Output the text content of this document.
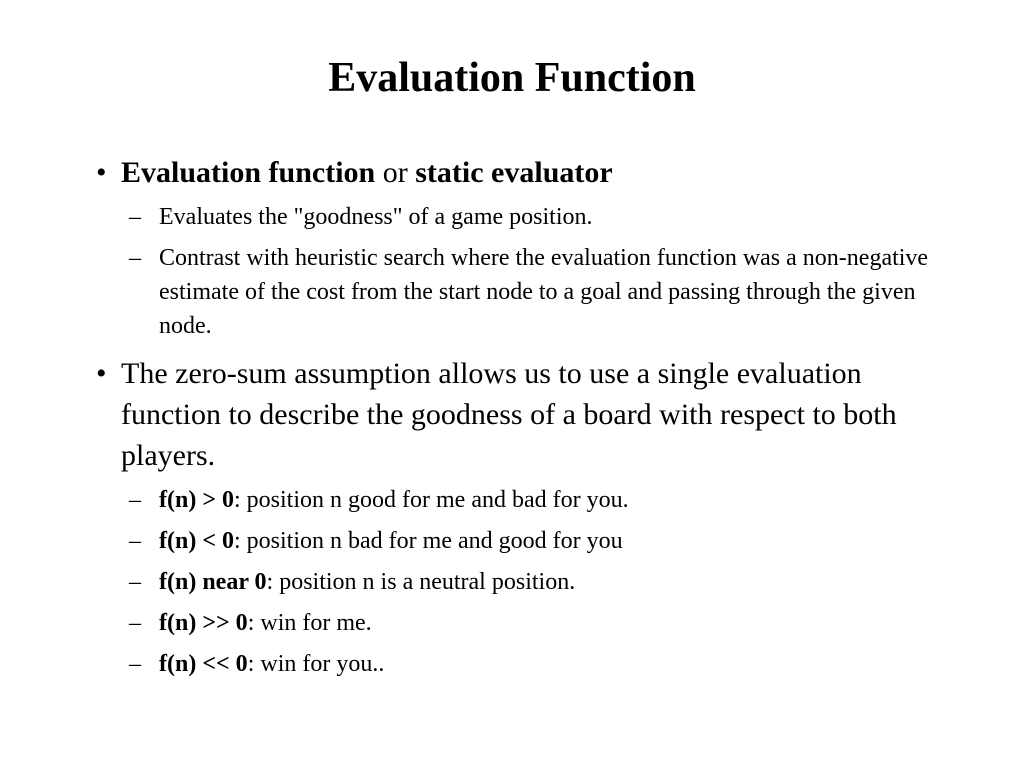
Evaluation Function
• Evaluation function or static evaluator
– Evaluates the "goodness" of a game position.
– Contrast with heuristic search where the evaluation function was a non-negative estimate of the cost from the start node to a goal and passing through the given node.
• The zero-sum assumption allows us to use a single evaluation function to describe the goodness of a board with respect to both players.
– f(n) > 0: position n good for me and bad for you.
– f(n) < 0: position n bad for me and good for you
– f(n) near 0: position n is a neutral position.
– f(n) >> 0: win for me.
– f(n) << 0: win for you..
